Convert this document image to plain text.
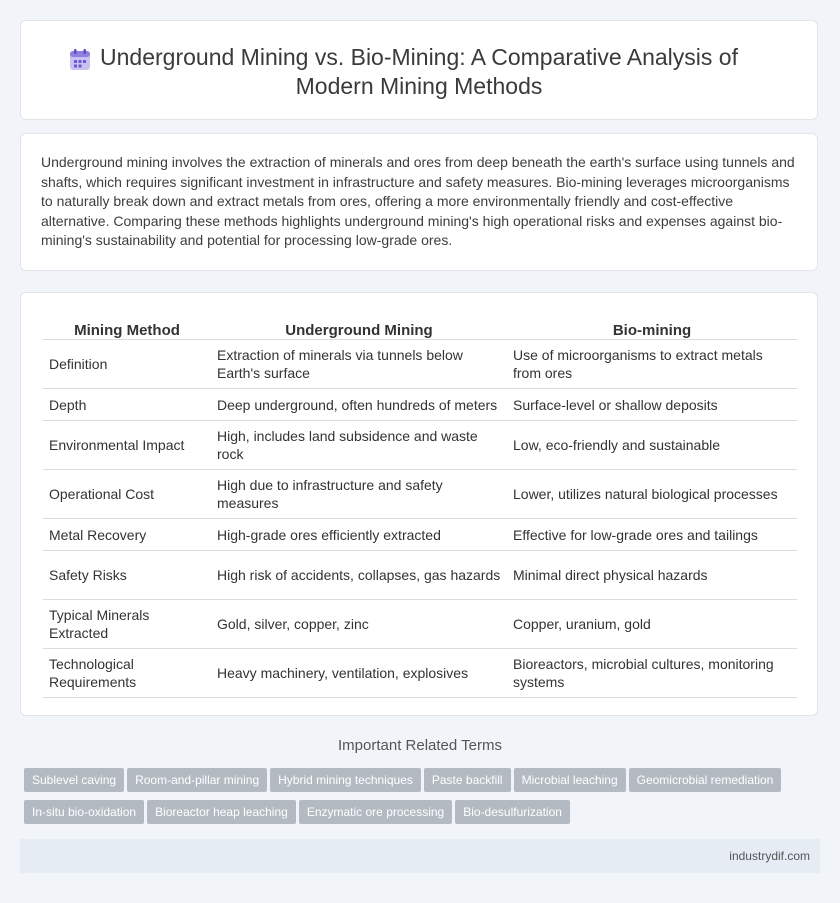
Underground Mining vs. Bio-Mining: A Comparative Analysis of Modern Mining Methods

Underground mining involves the extraction of minerals and ores from deep beneath the earth's surface using tunnels and shafts, which requires significant investment in infrastructure and safety measures. Bio-mining leverages microorganisms to naturally break down and extract metals from ores, offering a more environmentally friendly and cost-effective alternative. Comparing these methods highlights underground mining's high operational risks and expenses against bio-mining's sustainability and potential for processing low-grade ores.

Mining Method	Underground Mining	Bio-mining
Definition	Extraction of minerals via tunnels below Earth's surface	Use of microorganisms to extract metals from ores
Depth	Deep underground, often hundreds of meters	Surface-level or shallow deposits
Environmental Impact	High, includes land subsidence and waste rock	Low, eco-friendly and sustainable
Operational Cost	High due to infrastructure and safety measures	Lower, utilizes natural biological processes
Metal Recovery	High-grade ores efficiently extracted	Effective for low-grade ores and tailings
Safety Risks	High risk of accidents, collapses, gas hazards	Minimal direct physical hazards
Typical Minerals Extracted	Gold, silver, copper, zinc	Copper, uranium, gold
Technological Requirements	Heavy machinery, ventilation, explosives	Bioreactors, microbial cultures, monitoring systems
Important Related Terms
Sublevel caving Room-and-pillar mining Hybrid mining techniques Paste backfill Microbial leaching Geomicrobial remediationIn-situ bio-oxidation Bioreactor heap leaching Enzymatic ore processing Bio-desulfurization
industrydif.com
